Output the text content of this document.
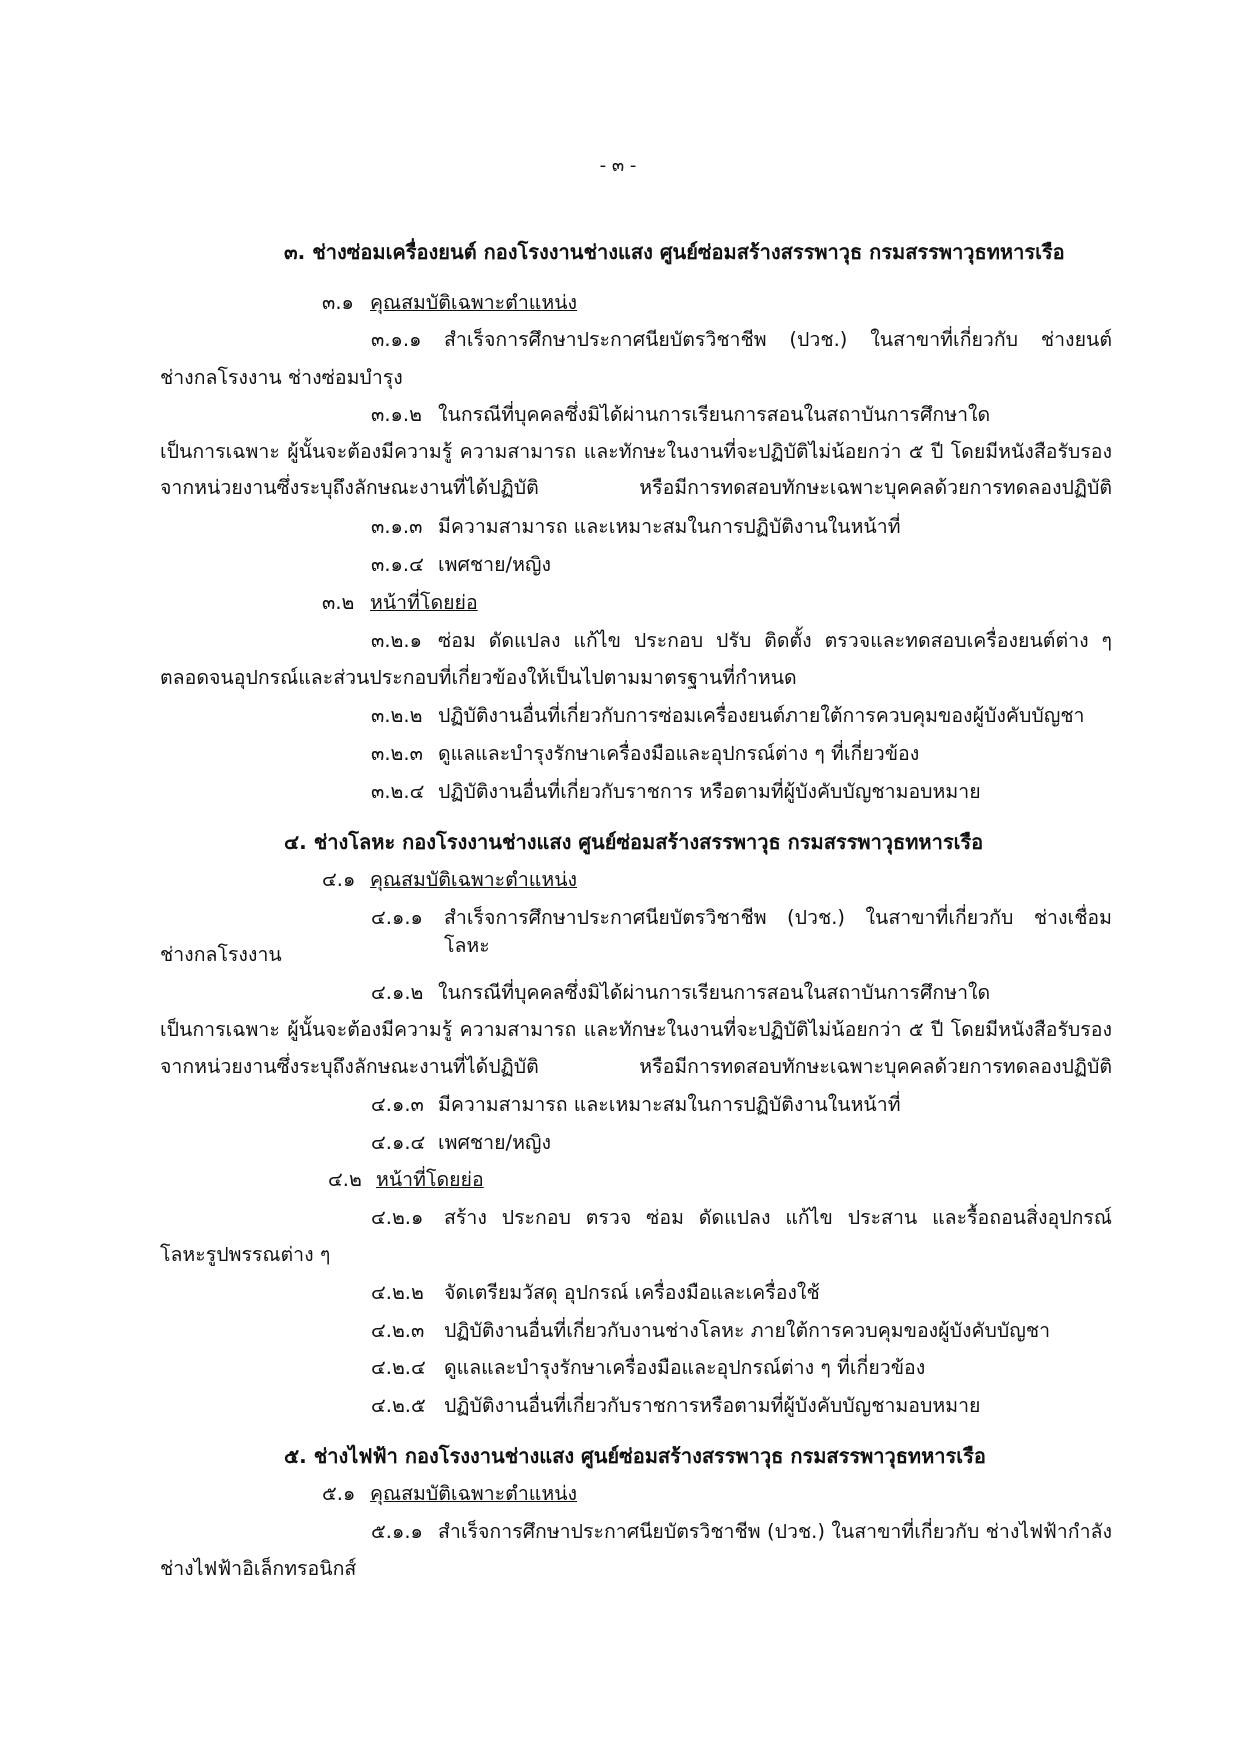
- ๓ -
๓. ช่างซ่อมเครื่องยนต์ กองโรงงานช่างแสง ศูนย์ซ่อมสร้างสรรพาวุธ กรมสรรพาวุธทหารเรือ
๓.๑ คุณสมบัติเฉพาะตำแหน่ง
๓.๑.๑ สำเร็จการศึกษาประกาศนียบัตรวิชาชีพ (ปวช.) ในสาขาที่เกี่ยวกับ ช่างยนต์
ช่างกลโรงงาน ช่างซ่อมบำรุง
๓.๑.๒ ในกรณีที่บุคคลซึ่งมิได้ผ่านการเรียนการสอนในสถาบันการศึกษาใด
เป็นการเฉพาะ ผู้นั้นจะต้องมีความรู้ ความสามารถ และทักษะในงานที่จะปฏิบัติไม่น้อยกว่า ๕ ปี โดยมีหนังสือรับรอง
จากหน่วยงานซึ่งระบุถึงลักษณะงานที่ได้ปฏิบัติ หรือมีการทดสอบทักษะเฉพาะบุคคลด้วยการทดลองปฏิบัติ
๓.๑.๓ มีความสามารถ และเหมาะสมในการปฏิบัติงานในหน้าที่
๓.๑.๔ เพศชาย/หญิง
๓.๒ หน้าที่โดยย่อ
๓.๒.๑ ซ่อม ดัดแปลง แก้ไข ประกอบ ปรับ ติดตั้ง ตรวจและทดสอบเครื่องยนต์ต่าง ๆ
ตลอดจนอุปกรณ์และส่วนประกอบที่เกี่ยวข้องให้เป็นไปตามมาตรฐานที่กำหนด
๓.๒.๒ ปฏิบัติงานอื่นที่เกี่ยวกับการซ่อมเครื่องยนต์ภายใต้การควบคุมของผู้บังคับบัญชา
๓.๒.๓ ดูแลและบำรุงรักษาเครื่องมือและอุปกรณ์ต่าง ๆ ที่เกี่ยวข้อง
๓.๒.๔ ปฏิบัติงานอื่นที่เกี่ยวกับราชการ หรือตามที่ผู้บังคับบัญชามอบหมาย
๔. ช่างโลหะ กองโรงงานช่างแสง ศูนย์ซ่อมสร้างสรรพาวุธ กรมสรรพาวุธทหารเรือ
๔.๑ คุณสมบัติเฉพาะตำแหน่ง
๔.๑.๑ สำเร็จการศึกษาประกาศนียบัตรวิชาชีพ (ปวช.) ในสาขาที่เกี่ยวกับ ช่างเชื่อมโลหะ
ช่างกลโรงงาน
๔.๑.๒ ในกรณีที่บุคคลซึ่งมิได้ผ่านการเรียนการสอนในสถาบันการศึกษาใด
เป็นการเฉพาะ ผู้นั้นจะต้องมีความรู้ ความสามารถ และทักษะในงานที่จะปฏิบัติไม่น้อยกว่า ๕ ปี โดยมีหนังสือรับรอง
จากหน่วยงานซึ่งระบุถึงลักษณะงานที่ได้ปฏิบัติ หรือมีการทดสอบทักษะเฉพาะบุคคลด้วยการทดลองปฏิบัติ
๔.๑.๓ มีความสามารถ และเหมาะสมในการปฏิบัติงานในหน้าที่
๔.๑.๔ เพศชาย/หญิง
๔.๒ หน้าที่โดยย่อ
๔.๒.๑ สร้าง ประกอบ ตรวจ ซ่อม ดัดแปลง แก้ไข ประสาน และรื้อถอนสิ่งอุปกรณ์
โลหะรูปพรรณต่าง ๆ
๔.๒.๒ จัดเตรียมวัสดุ อุปกรณ์ เครื่องมือและเครื่องใช้
๔.๒.๓ ปฏิบัติงานอื่นที่เกี่ยวกับงานช่างโลหะ ภายใต้การควบคุมของผู้บังคับบัญชา
๔.๒.๔ ดูแลและบำรุงรักษาเครื่องมือและอุปกรณ์ต่าง ๆ ที่เกี่ยวข้อง
๔.๒.๕ ปฏิบัติงานอื่นที่เกี่ยวกับราชการหรือตามที่ผู้บังคับบัญชามอบหมาย
๕. ช่างไฟฟ้า กองโรงงานช่างแสง ศูนย์ซ่อมสร้างสรรพาวุธ กรมสรรพาวุธทหารเรือ
๕.๑ คุณสมบัติเฉพาะตำแหน่ง
๕.๑.๑ สำเร็จการศึกษาประกาศนียบัตรวิชาชีพ (ปวช.) ในสาขาที่เกี่ยวกับ ช่างไฟฟ้ากำลัง
ช่างไฟฟ้าอิเล็กทรอนิกส์
